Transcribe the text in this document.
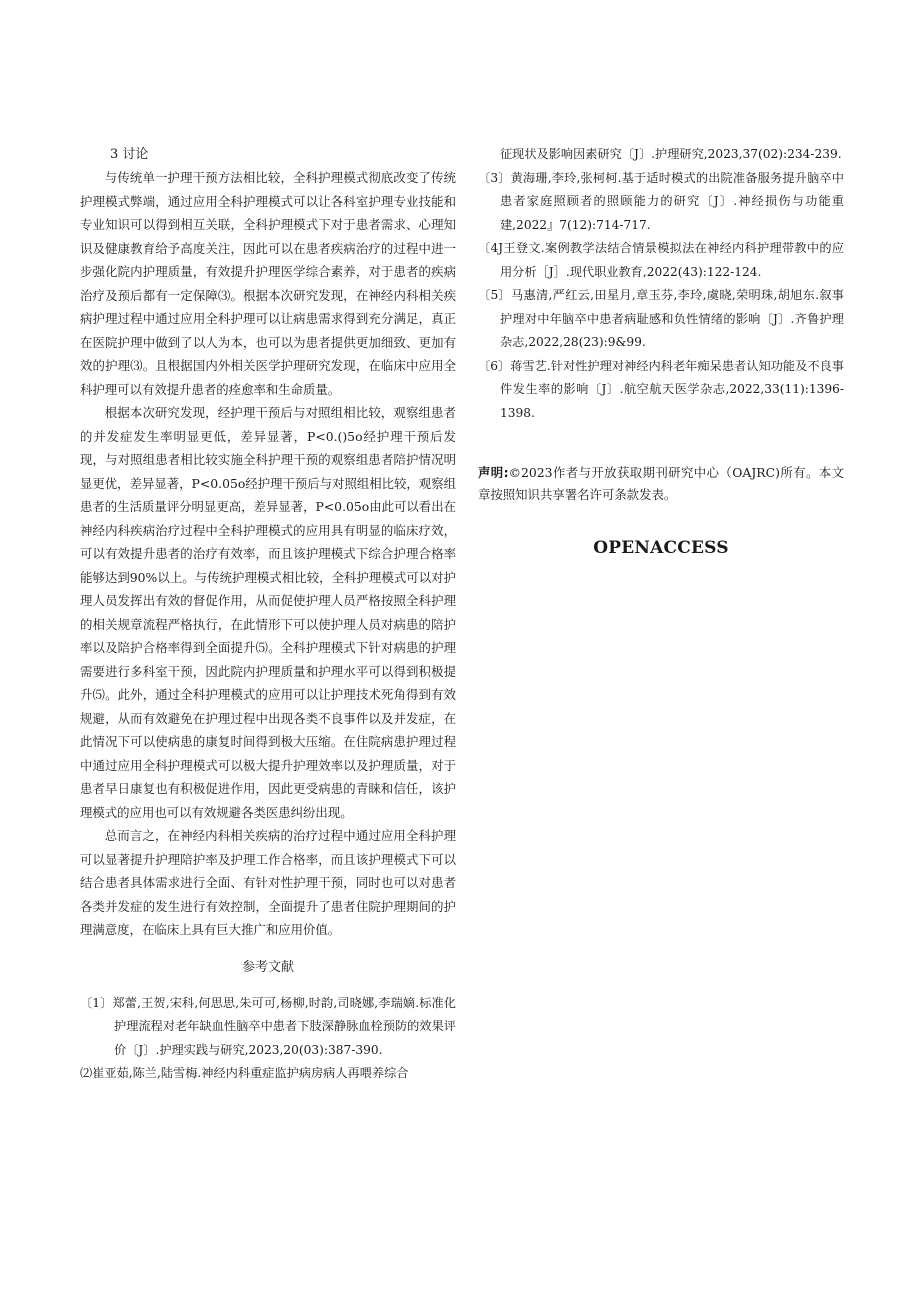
3 讨论

与传统单一护理干预方法相比较，全科护理模式彻底改变了传统护理模式弊端，通过应用全科护理模式可以让各科室护理专业技能和专业知识可以得到相互关联，全科护理模式下对于患者需求、心理知识及健康教育给予高度关注，因此可以在患者疾病治疗的过程中进一步强化院内护理质量，有效提升护理医学综合素养，对于患者的疾病治疗及预后都有一定保障⑶。根据本次研究发现，在神经内科相关疾病护理过程中通过应用全科护理可以让病患需求得到充分满足，真正在医院护理中做到了以人为本，也可以为患者提供更加细致、更加有效的护理⑶。且根据国内外相关医学护理研究发现，在临床中应用全科护理可以有效提升患者的痊愈率和生命质量。

根据本次研究发现，经护理干预后与对照组相比较，观察组患者的并发症发生率明显更低，差异显著，P<0.()5o经护理干预后发现，与对照组患者相比较实施全科护理干预的观察组患者陪护情况明显更优，差异显著，P<0.05o经护理干预后与对照组相比较，观察组患者的生活质量评分明显更高，差异显著，P<0.05o由此可以看出在神经内科疾病治疗过程中全科护理模式的应用具有明显的临床疗效，可以有效提升患者的治疗有效率，而且该护理模式下综合护理合格率能够达到90%以上。与传统护理模式相比较，全科护理模式可以对护理人员发挥出有效的督促作用，从而促使护理人员严格按照全科护理的相关规章流程严格执行，在此情形下可以使护理人员对病患的陪护率以及陪护合格率得到全面提升⑸。全科护理模式下针对病患的护理需要进行多科室干预，因此院内护理质量和护理水平可以得到积极提升⑸。此外，通过全科护理模式的应用可以让护理技术死角得到有效规避，从而有效避免在护理过程中出现各类不良事件以及并发症，在此情况下可以使病患的康复时间得到极大压缩。在住院病患护理过程中通过应用全科护理模式可以极大提升护理效率以及护理质量，对于患者早日康复也有积极促进作用，因此更受病患的青睐和信任，该护理模式的应用也可以有效规避各类医患纠纷出现。

总而言之，在神经内科相关疾病的治疗过程中通过应用全科护理可以显著提升护理陪护率及护理工作合格率，而且该护理模式下可以结合患者具体需求进行全面、有针对性护理干预，同时也可以对患者各类并发症的发生进行有效控制，全面提升了患者住院护理期间的护理满意度，在临床上具有巨大推广和应用价值。

参考文献

〔1〕郑蕾,王贺,宋科,何思思,朱可可,杨柳,时韵,司晓娜,李瑞嫡.标准化护理流程对老年缺血性脑卒中患者下肢深静脉血栓预防的效果评价〔J〕.护理实践与研究,2023,20(03):387-390.

⑵崔亚茹,陈兰,陆雪梅.神经内科重症监护病房病人再喂养综合

征现状及影响因素研究〔J〕.护理研究,2023,37(02):234-239.

〔3〕黄海珊,李玲,张柯柯.基于适时模式的出院准备服务提升脑卒中患者家庭照顾者的照顾能力的研究〔J〕.神经损伤与功能重建,2022』7(12):714-717.

〔4J王登文.案例教学法结合情景模拟法在神经内科护理带教中的应用分析［J］.现代职业教育,2022(43):122-124.

〔5〕马惠清,严红云,田星月,章玉芬,李玲,虞晓,荣明珠,胡旭东.叙事护理对中年脑卒中患者病耻感和负性情绪的影响〔J〕.齐鲁护理杂志,2022,28(23):9&99.

〔6〕蒋雪艺.针对性护理对神经内科老年痴呆患者认知功能及不良事件发生率的影响〔J〕.航空航天医学杂志,2022,33(11):1396-1398.

声明:©2023作者与开放获取期刊研究中心（OAJRC)所有。本文章按照知识共享署名许可条款发表。

OPENACCESS
